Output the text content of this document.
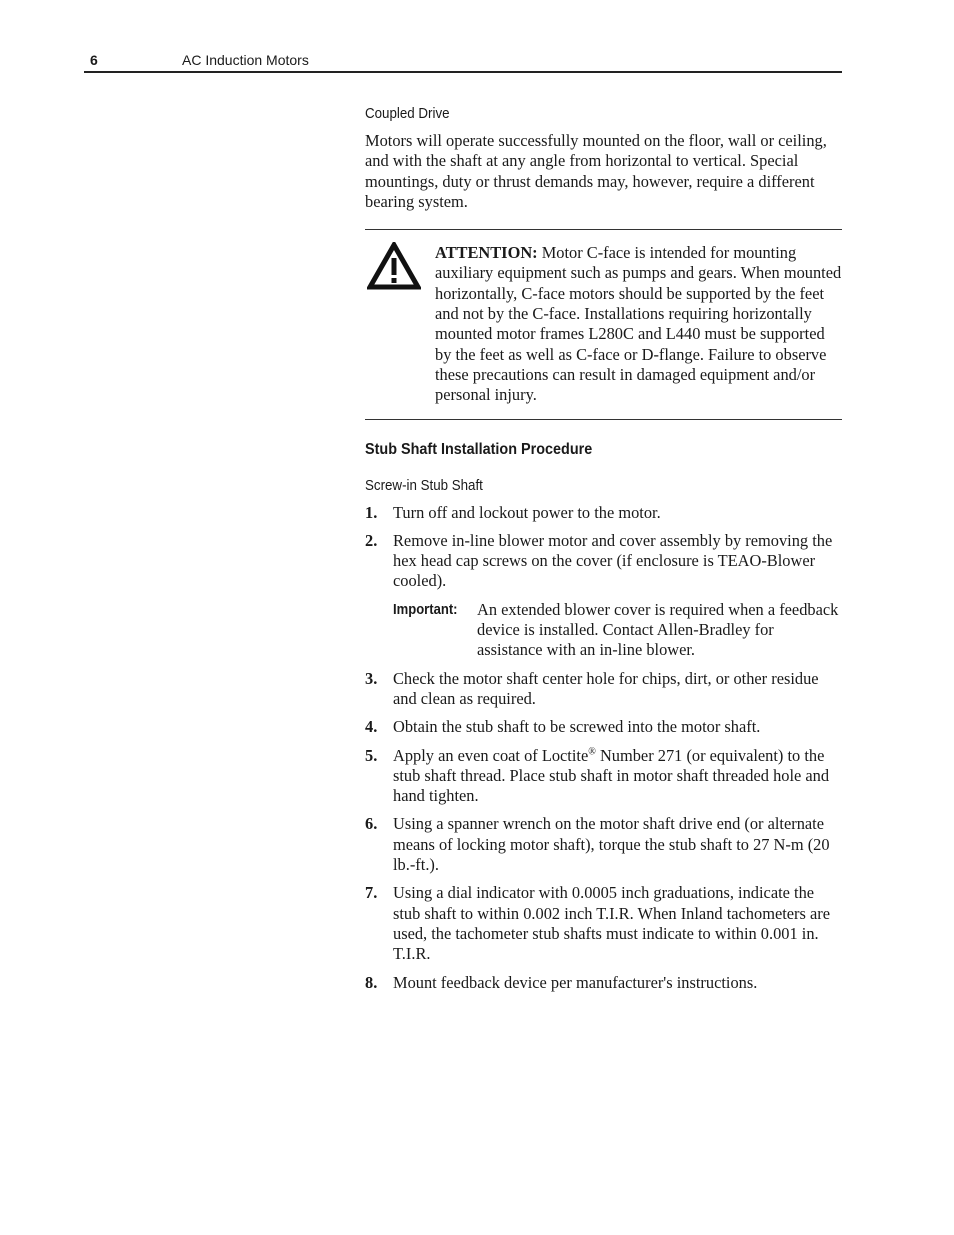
6	AC Induction Motors
Coupled Drive

Motors will operate successfully mounted on the floor, wall or ceiling, and with the shaft at any angle from horizontal to vertical. Special mountings, duty or thrust demands may, however, require a different bearing system.

ATTENTION: Motor C-face is intended for mounting auxiliary equipment such as pumps and gears. When mounted horizontally, C-face motors should be supported by the feet and not by the C-face. Installations requiring horizontally mounted motor frames L280C and L440 must be supported by the feet as well as C-face or D-flange. Failure to observe these precautions can result in damaged equipment and/or personal injury.

Stub Shaft Installation Procedure
Screw-in Stub Shaft
1. Turn off and lockout power to the motor.
2. Remove in-line blower motor and cover assembly by removing the hex head cap screws on the cover (if enclosure is TEAO-Blower cooled).
Important: An extended blower cover is required when a feedback device is installed. Contact Allen-Bradley for assistance with an in-line blower.
3. Check the motor shaft center hole for chips, dirt, or other residue and clean as required.
4. Obtain the stub shaft to be screwed into the motor shaft.
5. Apply an even coat of Loctite® Number 271 (or equivalent) to the stub shaft thread. Place stub shaft in motor shaft threaded hole and hand tighten.
6. Using a spanner wrench on the motor shaft drive end (or alternate means of locking motor shaft), torque the stub shaft to 27 N-m (20 lb.-ft.).
7. Using a dial indicator with 0.0005 inch graduations, indicate the stub shaft to within 0.002 inch T.I.R. When Inland tachometers are used, the tachometer stub shafts must indicate to within 0.001 in. T.I.R.
8. Mount feedback device per manufacturer's instructions.
